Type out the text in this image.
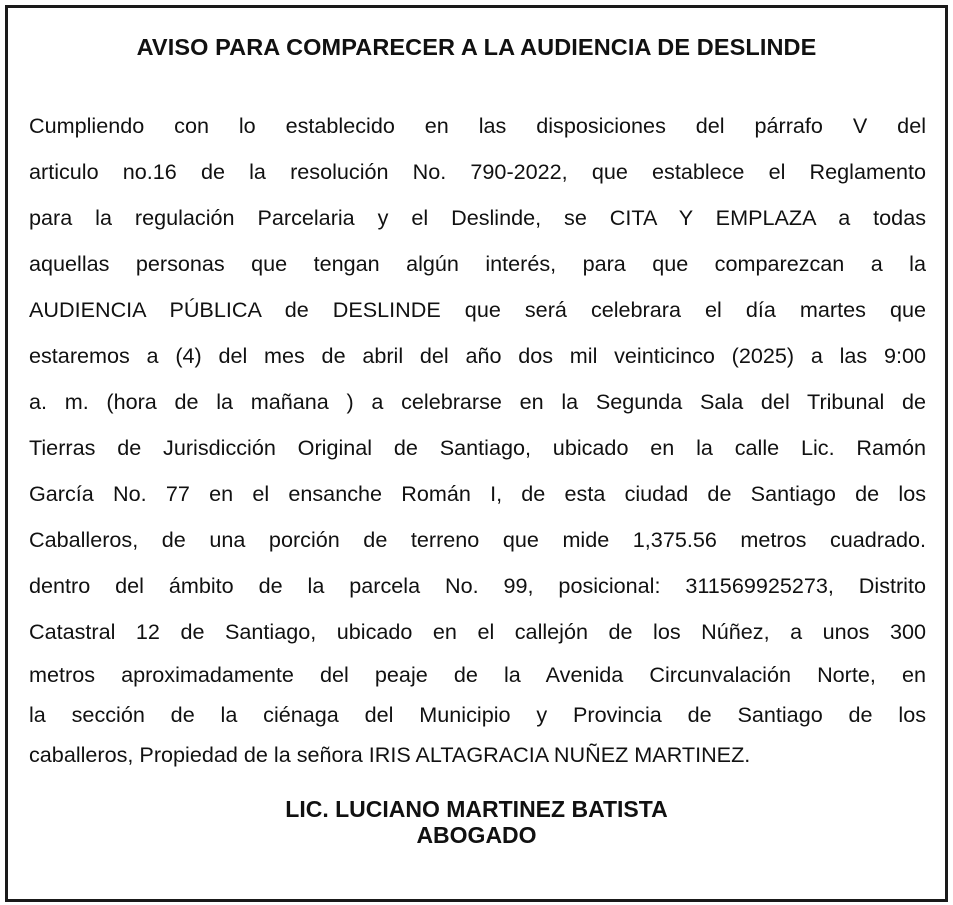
AVISO PARA COMPARECER A LA AUDIENCIA DE DESLINDE
Cumpliendo con lo establecido en las disposiciones del párrafo V del
articulo no.16 de la resolución No. 790-2022, que establece el Reglamento
para la regulación Parcelaria y el Deslinde, se CITA Y EMPLAZA a todas
aquellas personas que tengan algún interés, para que comparezcan a la
AUDIENCIA PÚBLICA de DESLINDE que será celebrara el día martes que
estaremos a (4) del mes de abril del año dos mil veinticinco (2025) a las 9:00
a. m. (hora de la mañana ) a celebrarse en la Segunda Sala del Tribunal de
Tierras de Jurisdicción Original de Santiago, ubicado en la calle Lic. Ramón
García No. 77 en el ensanche Román I, de esta ciudad de Santiago de los
Caballeros, de una porción de terreno que mide 1,375.56 metros cuadrado.
dentro del ámbito de la parcela No. 99, posicional: 311569925273, Distrito
Catastral 12 de Santiago, ubicado en el callejón de los Núñez, a unos 300
metros aproximadamente del peaje de la Avenida Circunvalación Norte, en
la sección de la ciénaga del Municipio y Provincia de Santiago de los
caballeros, Propiedad de la señora IRIS ALTAGRACIA NUÑEZ MARTINEZ.
LIC. LUCIANO MARTINEZ BATISTA
ABOGADO
